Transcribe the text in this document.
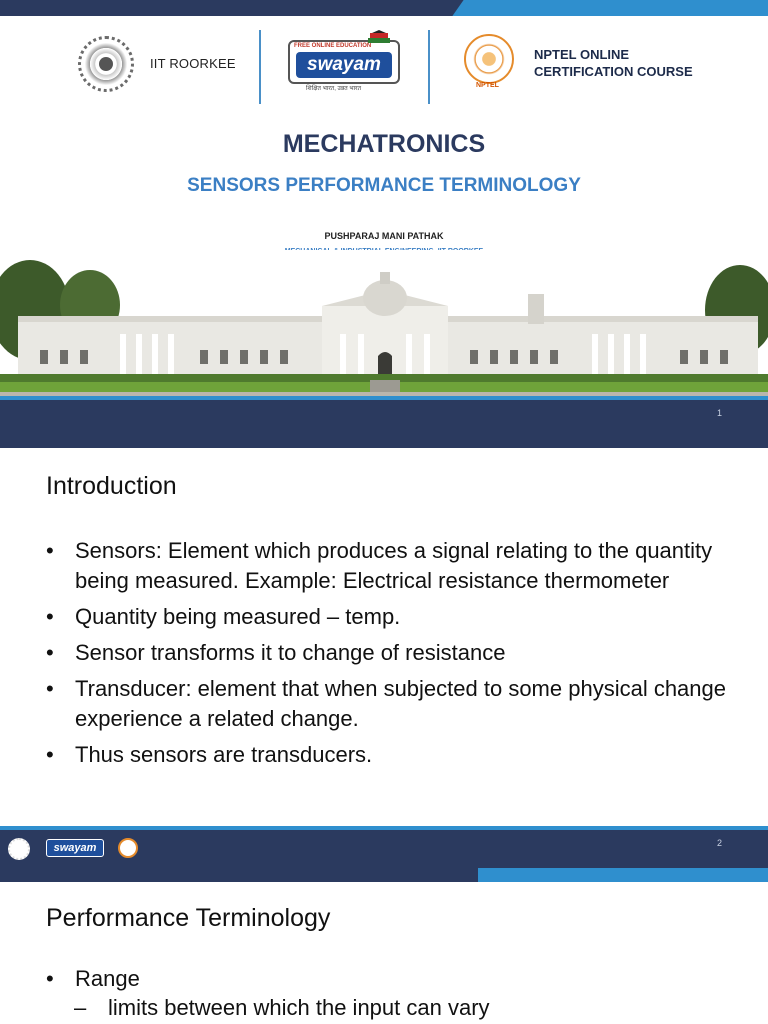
IIT ROORKEE
FREE ONLINE EDUCATION
swayam
शिक्षित भारत, उन्नत भारत	NPTEL
NPTEL ONLINE
CERTIFICATION COURSE
MECHATRONICS
SENSORS PERFORMANCE TERMINOLOGY
PUSHPARAJ MANI PATHAK
1
Introduction
• Sensors: Element which produces a signal relating to the quantity being measured. Example: Electrical resistance thermometer
• Quantity being measured – temp.
• Sensor transforms it to change of resistance
• Transducer: element that when subjected to some physical change experience a related change.
• Thus sensors are transducers.
swayam	2
Performance Terminology
• Range
– limits between which the input can vary
